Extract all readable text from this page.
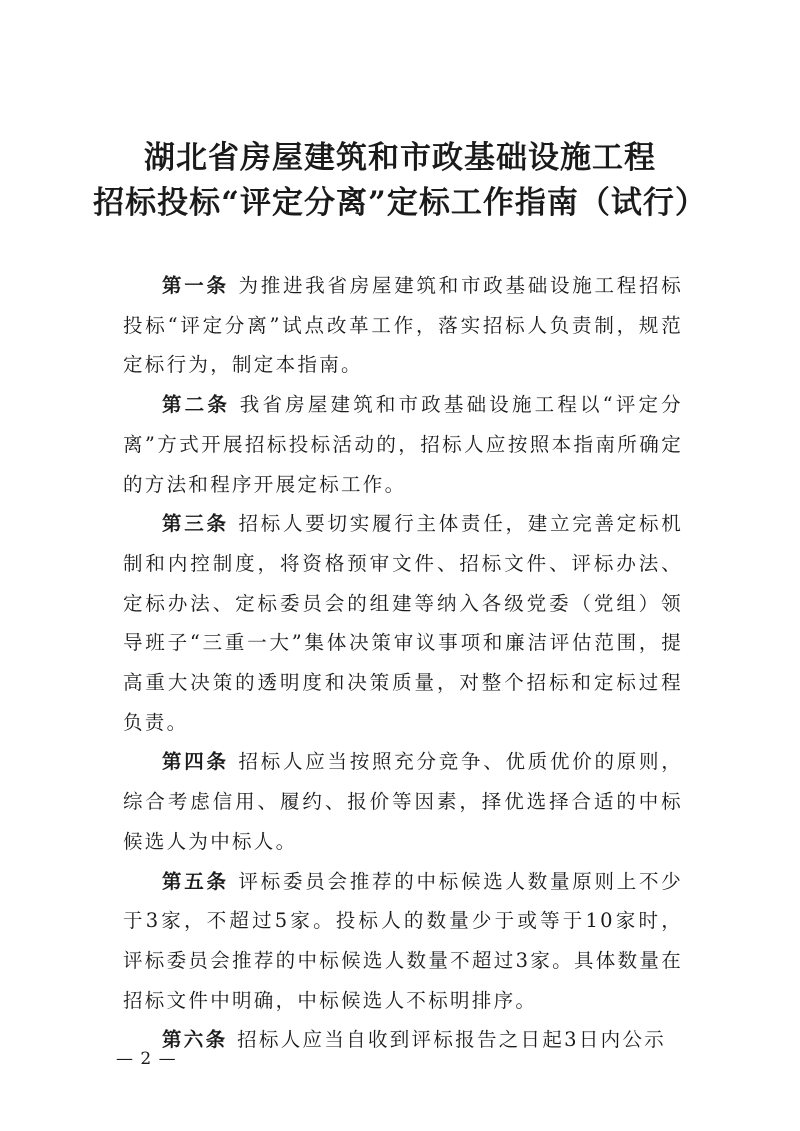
湖北省房屋建筑和市政基础设施工程
招标投标“评定分离”定标工作指南（试行）

第一条 为推进我省房屋建筑和市政基础设施工程招标投标“评定分离”试点改革工作，落实招标人负责制，规范定标行为，制定本指南。

第二条 我省房屋建筑和市政基础设施工程以“评定分离”方式开展招标投标活动的，招标人应按照本指南所确定的方法和程序开展定标工作。

第三条 招标人要切实履行主体责任，建立完善定标机制和内控制度，将资格预审文件、招标文件、评标办法、定标办法、定标委员会的组建等纳入各级党委（党组）领导班子“三重一大”集体决策审议事项和廉洁评估范围，提高重大决策的透明度和决策质量，对整个招标和定标过程负责。

第四条 招标人应当按照充分竞争、优质优价的原则，综合考虑信用、履约、报价等因素，择优选择合适的中标候选人为中标人。

第五条 评标委员会推荐的中标候选人数量原则上不少于3家，不超过5家。投标人的数量少于或等于10家时，评标委员会推荐的中标候选人数量不超过3家。具体数量在招标文件中明确，中标候选人不标明排序。

第六条 招标人应当自收到评标报告之日起3日内公示

— 2 —
